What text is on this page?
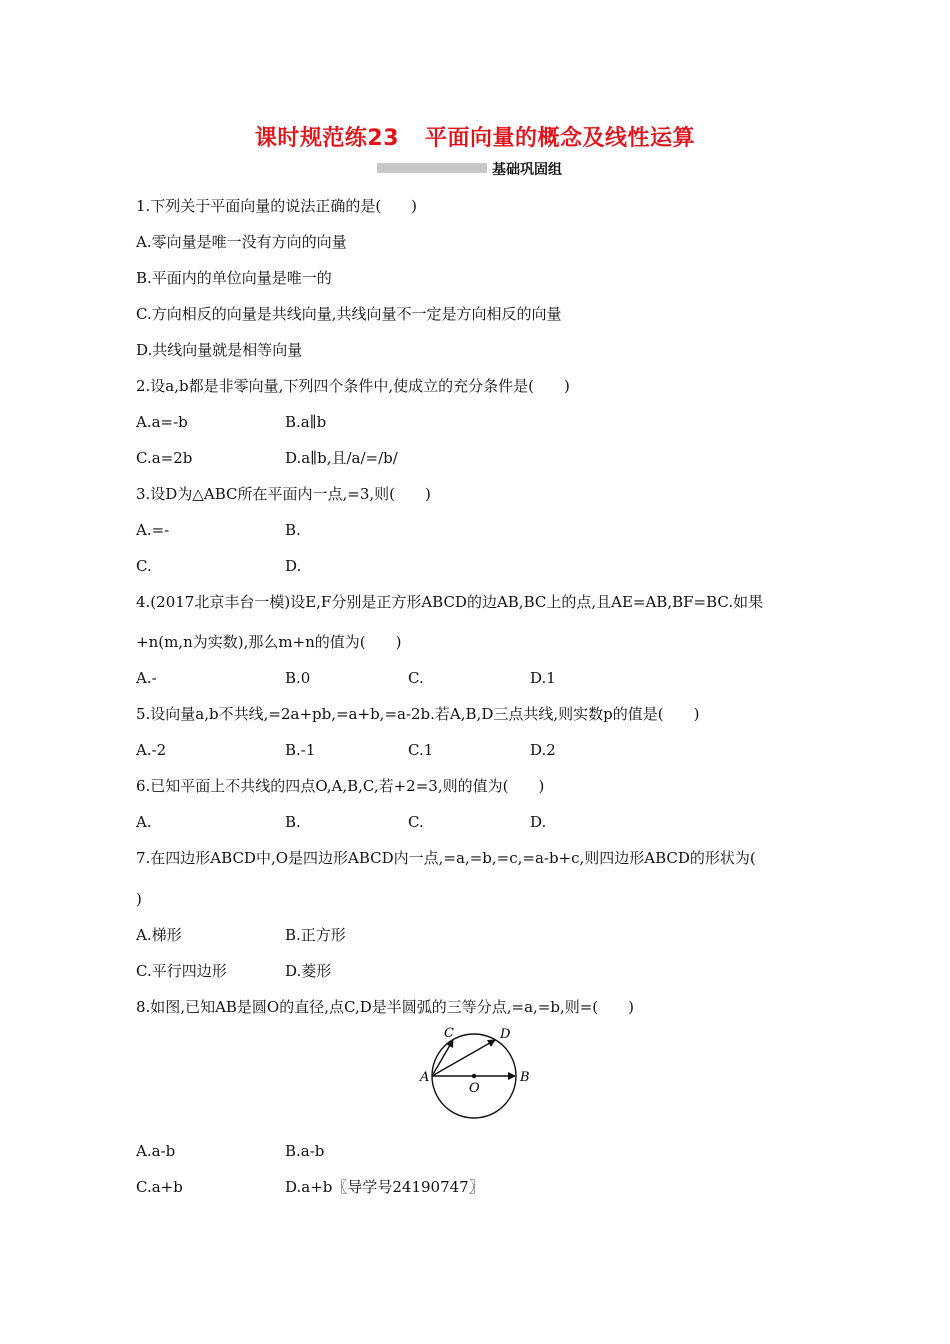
课时规范练23 平面向量的概念及线性运算
基础巩固组
1.下列关于平面向量的说法正确的是(　　)
A.零向量是唯一没有方向的向量
B.平面内的单位向量是唯一的
C.方向相反的向量是共线向量,共线向量不一定是方向相反的向量
D.共线向量就是相等向量
2.设a,b都是非零向量,下列四个条件中,使成立的充分条件是(　　)
A.a=-b	B.a∥b
C.a=2b	D.a∥b,且/a/=/b/
3.设D为△ABC所在平面内一点,=3,则(　　)
A.=-	B.
C.	D.
4.(2017北京丰台一模)设E,F分别是正方形ABCD的边AB,BC上的点,且AE=AB,BF=BC.如果
+n(m,n为实数),那么m+n的值为(　　)
A.-	B.0	C.	D.1
5.设向量a,b不共线,=2a+pb,=a+b,=a-2b.若A,B,D三点共线,则实数p的值是(　　)
A.-2	B.-1	C.1	D.2
6.已知平面上不共线的四点O,A,B,C,若+2=3,则的值为(　　)
A.	B.	C.	D.
7.在四边形ABCD中,O是四边形ABCD内一点,=a,=b,=c,=a-b+c,则四边形ABCD的形状为(
)
A.梯形	B.正方形
C.平行四边形	D.菱形
8.如图,已知AB是圆O的直径,点C,D是半圆弧的三等分点,=a,=b,则=(　　)
A	B
C	D
O
A.a-b	B.a-b
C.a+b	D.a+b〖导学号24190747〗
